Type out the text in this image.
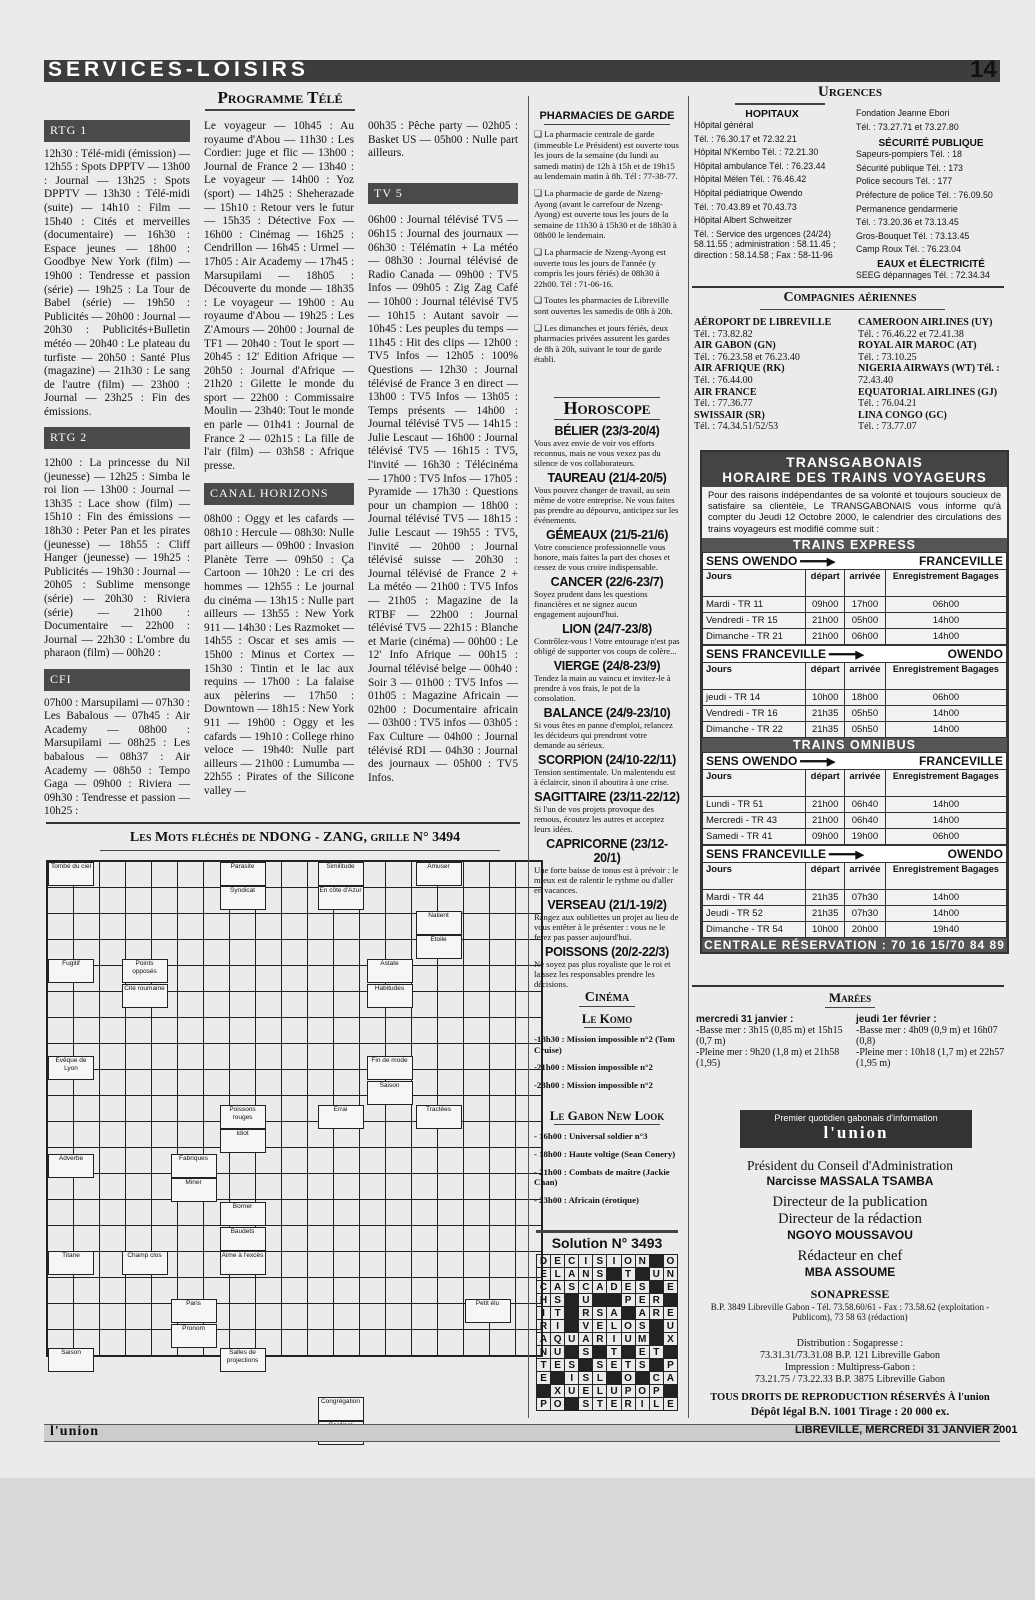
SERVICES-LOISIRS	14
Programme Télé
RTG 1
12h30 : Télé-midi (émission) — 12h55 : Spots DPPTV — 13h00 : Journal — 13h25 : Spots DPPTV — 13h30 : Télé-midi (suite) — 14h10 : Film — 15h40 : Cités et merveilles (documentaire) — 16h30 : Espace jeunes — 18h00 : Goodbye New York (film) — 19h00 : Tendresse et passion (série) — 19h25 : La Tour de Babel (série) — 19h50 : Publicités — 20h00 : Journal — 20h30 : Publicités+Bulletin météo — 20h40 : Le plateau du turfiste — 20h50 : Santé Plus (magazine) — 21h30 : Le sang de l'autre (film) — 23h00 : Journal — 23h25 : Fin des émissions.
RTG 2
12h00 : La princesse du Nil (jeunesse) — 12h25 : Simba le roi lion — 13h00 : Journal — 13h35 : Lace show (film) — 15h10 : Fin des émissions — 18h30 : Peter Pan et les pirates (jeunesse) — 18h55 : Cliff Hanger (jeunesse) — 19h25 : Publicités — 19h30 : Journal — 20h05 : Sublime mensonge (série) — 20h30 : Riviera (série) — 21h00 : Documentaire — 22h00 : Journal — 22h30 : L'ombre du pharaon (film) — 00h20 :
CFI
07h00 : Marsupilami — 07h30 : Les Babalous — 07h45 : Air Academy — 08h00 : Marsupilami — 08h25 : Les babalous — 08h37 : Air Academy — 08h50 : Tempo Gaga — 09h00 : Riviera — 09h30 : Tendresse et passion — 10h25 :
Le voyageur — 10h45 : Au royaume d'Abou — 11h30 : Les Cordier: juge et flic — 13h00 : Journal de France 2 — 13h40 : Le voyageur — 14h00 : Yoz (sport) — 14h25 : Sheherazade — 15h10 : Retour vers le futur — 15h35 : Détective Fox — 16h00 : Cinémag — 16h25 : Cendrillon — 16h45 : Urmel — 17h05 : Air Academy — 17h45 : Marsupilami — 18h05 : Découverte du monde — 18h35 : Le voyageur — 19h00 : Au royaume d'Abou — 19h25 : Les Z'Amours — 20h00 : Journal de TF1 — 20h40 : Tout le sport — 20h45 : 12' Edition Afrique — 20h50 : Journal d'Afrique — 21h20 : Gilette le monde du sport — 22h00 : Commissaire Moulin — 23h40: Tout le monde en parle — 01h41 : Journal de France 2 — 02h15 : La fille de l'air (film) — 03h58 : Afrique presse.
CANAL HORIZONS
08h00 : Oggy et les cafards — 08h10 : Hercule — 08h30: Nulle part ailleurs — 09h00 : Invasion Planète Terre — 09h50 : Ça Cartoon — 10h20 : Le cri des hommes — 12h55 : Le journal du cinéma — 13h15 : Nulle part ailleurs — 13h55 : New York 911 — 14h30 : Les Razmoket — 14h55 : Oscar et ses amis — 15h00 : Minus et Cortex — 15h30 : Tintin et le lac aux requins — 17h00 : La falaise aux pèlerins — 17h50 : Downtown — 18h15 : New York 911 — 19h00 : Oggy et les cafards — 19h10 : College rhino veloce — 19h40: Nulle part ailleurs — 21h00 : Lumumba — 22h55 : Pirates of the Silicone valley —
00h35 : Pêche party — 02h05 : Basket US — 05h00 : Nulle part ailleurs.
TV 5
06h00 : Journal télévisé TV5 — 06h15 : Journal des journaux — 06h30 : Télématin + La météo — 08h30 : Journal télévisé de Radio Canada — 09h00 : TV5 Infos — 09h05 : Zig Zag Café — 10h00 : Journal télévisé TV5 — 10h15 : Autant savoir — 10h45 : Les peuples du temps — 11h45 : Hit des clips — 12h00 : TV5 Infos — 12h05 : 100% Questions — 12h30 : Journal télévisé de France 3 en direct — 13h00 : TV5 Infos — 13h05 : Temps présents — 14h00 : Journal télévisé TV5 — 14h15 : Julie Lescaut — 16h00 : Journal télévisé TV5 — 16h15 : TV5, l'invité — 16h30 : Télécinéma — 17h00 : TV5 Infos — 17h05 : Pyramide — 17h30 : Questions pour un champion — 18h00 : Journal télévisé TV5 — 18h15 : Julie Lescaut — 19h55 : TV5, l'invité — 20h00 : Journal télévisé suisse — 20h30 : Journal télévisé de France 2 + La météo — 21h00 : TV5 Infos — 21h05 : Magazine de la RTBF — 22h00 : Journal télévisé TV5 — 22h15 : Blanche et Marie (cinéma) — 00h00 : Le 12' Info Afrique — 00h15 : Journal télévisé belge — 00h40 : Soir 3 — 01h00 : TV5 Infos — 01h05 : Magazine Africain — 02h00 : Documentaire africain — 03h00 : TV5 infos — 03h05 : Fax Culture — 04h00 : Journal télévisé RDI — 04h30 : Journal des journaux — 05h00 : TV5 Infos.
Les Mots fléchés de NDONG - ZANG, grille N° 3494

Tombé du ciel	Parasite
Syndicat
Similitude
En côte d'Azur
Amuser
Natient
Etoile
Points opposés
Cité roumaine
Astate
Habitudes
Fugitif
Evêque de Lyon
Fin de mode
Saison
Poissons rouges
Idiot
Errai	Tractées
Fabriques
Miner
Adverbe
Borner
Baudets
Titane	Champ clos	Aime à l'excès
Paris
Pronom
Petit élu
Saison	Salles de projections
Congrégation
PHARMACIES DE GARDE
❑ La pharmacie centrale de garde (immeuble Le Président) est ouverte tous les jours de la semaine (du lundi au samedi matin) de 12h à 15h et de 19h15 au lendemain matin à 8h. Tél : 77-38-77.
❑ La pharmacie de garde de Nzeng-Ayong (avant le carrefour de Nzeng-Ayong) est ouverte tous les jours de la semaine de 11h30 à 15h30 et de 18h30 à 08h00 le lendemain.
❑ La pharmacie de Nzeng-Ayong est ouverte tous les jours de l'année (y compris les jours fériés) de 08h30 à 22h00. Tél : 71-06-16.
❑ Toutes les pharmacies de Libreville sont ouvertes les samedis de 08h à 20h.
❑ Les dimanches et jours fériés, deux pharmacies privées assurent les gardes de 8h à 20h, suivant le tour de garde établi.
Horoscope
BÉLIER (23/3-20/4)
Vous avez envie de voir vos efforts reconnus, mais ne vous vexez pas du silence de vos collaborateurs.
TAUREAU (21/4-20/5)
Vous pouvez changer de travail, au sein même de votre entreprise. Ne vous faites pas prendre au dépourvu, anticipez sur les événements.
GÉMEAUX (21/5-21/6)
Votre conscience professionnelle vous honore, mais faites la part des choses et cessez de vous croire indispensable.
CANCER (22/6-23/7)
Soyez prudent dans les questions financières et ne signez aucun engagement aujourd'hui.
LION (24/7-23/8)
Contrôlez-vous ! Votre entourage n'est pas obligé de supporter vos coups de colère...
VIERGE (24/8-23/9)
Tendez la main au vaincu et invitez-le à prendre à vos frais, le pot de la consolation.
BALANCE (24/9-23/10)
Si vous êtes en panne d'emploi, relancez les décideurs qui prendront votre demande au sérieux.
SCORPION (24/10-22/11)
Tension sentimentale. Un malentendu est à éclaircir, sinon il aboutira à une crise.
SAGITTAIRE (23/11-22/12)
Si l'un de vos projets provoque des remous, écoutez les autres et acceptez leurs idées.
CAPRICORNE (23/12-20/1)
Une forte baisse de tonus est à prévoir : le mieux est de ralentir le rythme ou d'aller en vacances.
VERSEAU (21/1-19/2)
Rangez aux oubliettes un projet au lieu de vous entêter à le présenter : vous ne le ferez pas passer aujourd'hui.
POISSONS (20/2-22/3)
Ne soyez pas plus royaliste que le roi et laissez les responsables prendre les décisions.
Cinéma
Le Komo
-18h30 : Mission impossible n°2 (Tom Cruise)
-21h00 : Mission impossible n°2
-23h00 : Mission impossible n°2
Le Gabon New Look
- 16h00 : Universal soldier n°3
- 18h00 : Haute voltige (Sean Conery)
- 21h00 : Combats de maître (Jackie Chan)
- 23h00 : Africain (érotique)
Solution N° 3493
D	E	C	I	S	I	O	N		O
E	L	A	N	S		T		U	N
C	A	S	C	A	D	E	S		E
H	S		U			P	E	R	
I	T		R	S	A		A	R	E
R	I		V	E	L	O	S		U
A	Q	U	A	R	I	U	M		X
N	U		S		T		E	T	
T	E	S		S	E	T	S		P
E		I	S	L		O		C	A
	X	U	E	L	U	P	O	P	
P	O		S	T	E	R	I	L	E
Urgences
HOPITAUX
Hôpital général
Tél. : 76.30.17 et 72.32.21
Hôpital N'Kembo Tél. : 72.21.30
Hôpital ambulance Tél. : 76.23.44
Hôpital Mélen Tél. : 76.46.42
Hôpital pédiatrique Owendo
Tél. : 70.43.89 et 70.43.73
Hôpital Albert Schweitzer
Tél. : Service des urgences (24/24) 58.11.55 ; administration : 58.11.45 ; direction : 58.14.58 ; Fax : 58-11-96
Fondation Jeanne Ebori
Tél. : 73.27.71 et 73.27.80
SÉCURITÉ PUBLIQUE
Sapeurs-pompiers Tél. : 18
Sécurité publique Tél. : 173
Police secours Tél. : 177
Préfecture de police Tél. : 76.09.50
Permanence gendarmerie
Tél. : 73.20.36 et 73.13.45
Gros-Bouquet Tél. : 73.13.45
Camp Roux Tél. : 76.23.04
EAUX et ÉLECTRICITÉ
SEEG dépannages Tél. : 72.34.34
Compagnies aériennes
AÉROPORT DE LIBREVILLE
Tél. : 73.82.82
AIR GABON (GN)
Tél. : 76.23.58 et 76.23.40
AIR AFRIQUE (RK)
Tél. : 76.44.00
AIR FRANCE
Tél. : 77.36.77
SWISSAIR (SR)
Tél. : 74.34.51/52/53
CAMEROON AIRLINES (UY)
Tél. : 76.46.22 et 72.41.38
ROYAL AIR MAROC (AT)
Tél. : 73.10.25
NIGERIA AIRWAYS (WT) Tél. :
72.43.40
EQUATORIAL AIRLINES (GJ)
Tél. : 76.04.21
LINA CONGO (GC)
Tél. : 73.77.07
TRANSGABONAIS
HORAIRE DES TRAINS VOYAGEURS
Pour des raisons indépendantes de sa volonté et toujours soucieux de satisfaire sa clientèle, Le TRANSGABONAIS vous informe qu'à compter du Jeudi 12 Octobre 2000, le calendrier des circulations des trains voyageurs est modifié comme suit :
TRAINS EXPRESS
SENS OWENDO ━━━━▶ FRANCEVILLE			

Jours	départ	arrivée	Enregistrement Bagages
Mardi - TR 11	09h00	17h00	06h00
Vendredi - TR 15	21h00	05h00	14h00
Dimanche - TR 21	21h00	06h00	14h00
SENS FRANCEVILLE ━━━━▶ OWENDO			

Jours	départ	arrivée	Enregistrement Bagages
jeudi - TR 14	10h00	18h00	06h00
Vendredi - TR 16	21h35	05h50	14h00
Dimanche - TR 22	21h35	05h50	14h00
TRAINS OMNIBUS
SENS OWENDO ━━━━▶ FRANCEVILLE			

Jours	départ	arrivée	Enregistrement Bagages
Lundi - TR 51	21h00	06h40	14h00
Mercredi - TR 43	21h00	06h40	14h00
Samedi - TR 41	09h00	19h00	06h00
SENS FRANCEVILLE ━━━━▶ OWENDO			

Jours	départ	arrivée	Enregistrement Bagages
Mardi - TR 44	21h35	07h30	14h00
Jeudi - TR 52	21h35	07h30	14h00
Dimanche - TR 54	10h00	20h00	19h40
CENTRALE RÉSERVATION : 70 16 15/70 84 89
Marées
mercredi 31 janvier :
-Basse mer : 3h15 (0,85 m) et 15h15 (0,7 m)
-Pleine mer : 9h20 (1,8 m) et 21h58 (1,95)
jeudi 1er février :
-Basse mer : 4h09 (0,9 m) et 16h07 (0,8)
-Pleine mer : 10h18 (1,7 m) et 22h57 (1,95 m)
Premier quotidien gabonais d'information
l'union
Président du Conseil d'Administration
Narcisse MASSALA TSAMBA
Directeur de la publication
Directeur de la rédaction
NGOYO MOUSSAVOU
Rédacteur en chef
MBA ASSOUME
SONAPRESSE
B.P. 3849 Libreville Gabon - Tél. 73.58.60/61 - Fax : 73.58.62 (exploitation - Publicom), 73 58 63 (rédaction)
Distribution : Sogapresse :
73.31.31/73.31.08 B.P. 121 Libreville Gabon
Impression : Multipress-Gabon :
73.21.75 / 73.22.33 B.P. 3875 Libreville Gabon
TOUS DROITS DE REPRODUCTION RÉSERVÉS À l'union
Dépôt légal B.N. 1001 Tirage : 20 000 ex.
l'union	LIBREVILLE, MERCREDI 31 JANVIER 2001
